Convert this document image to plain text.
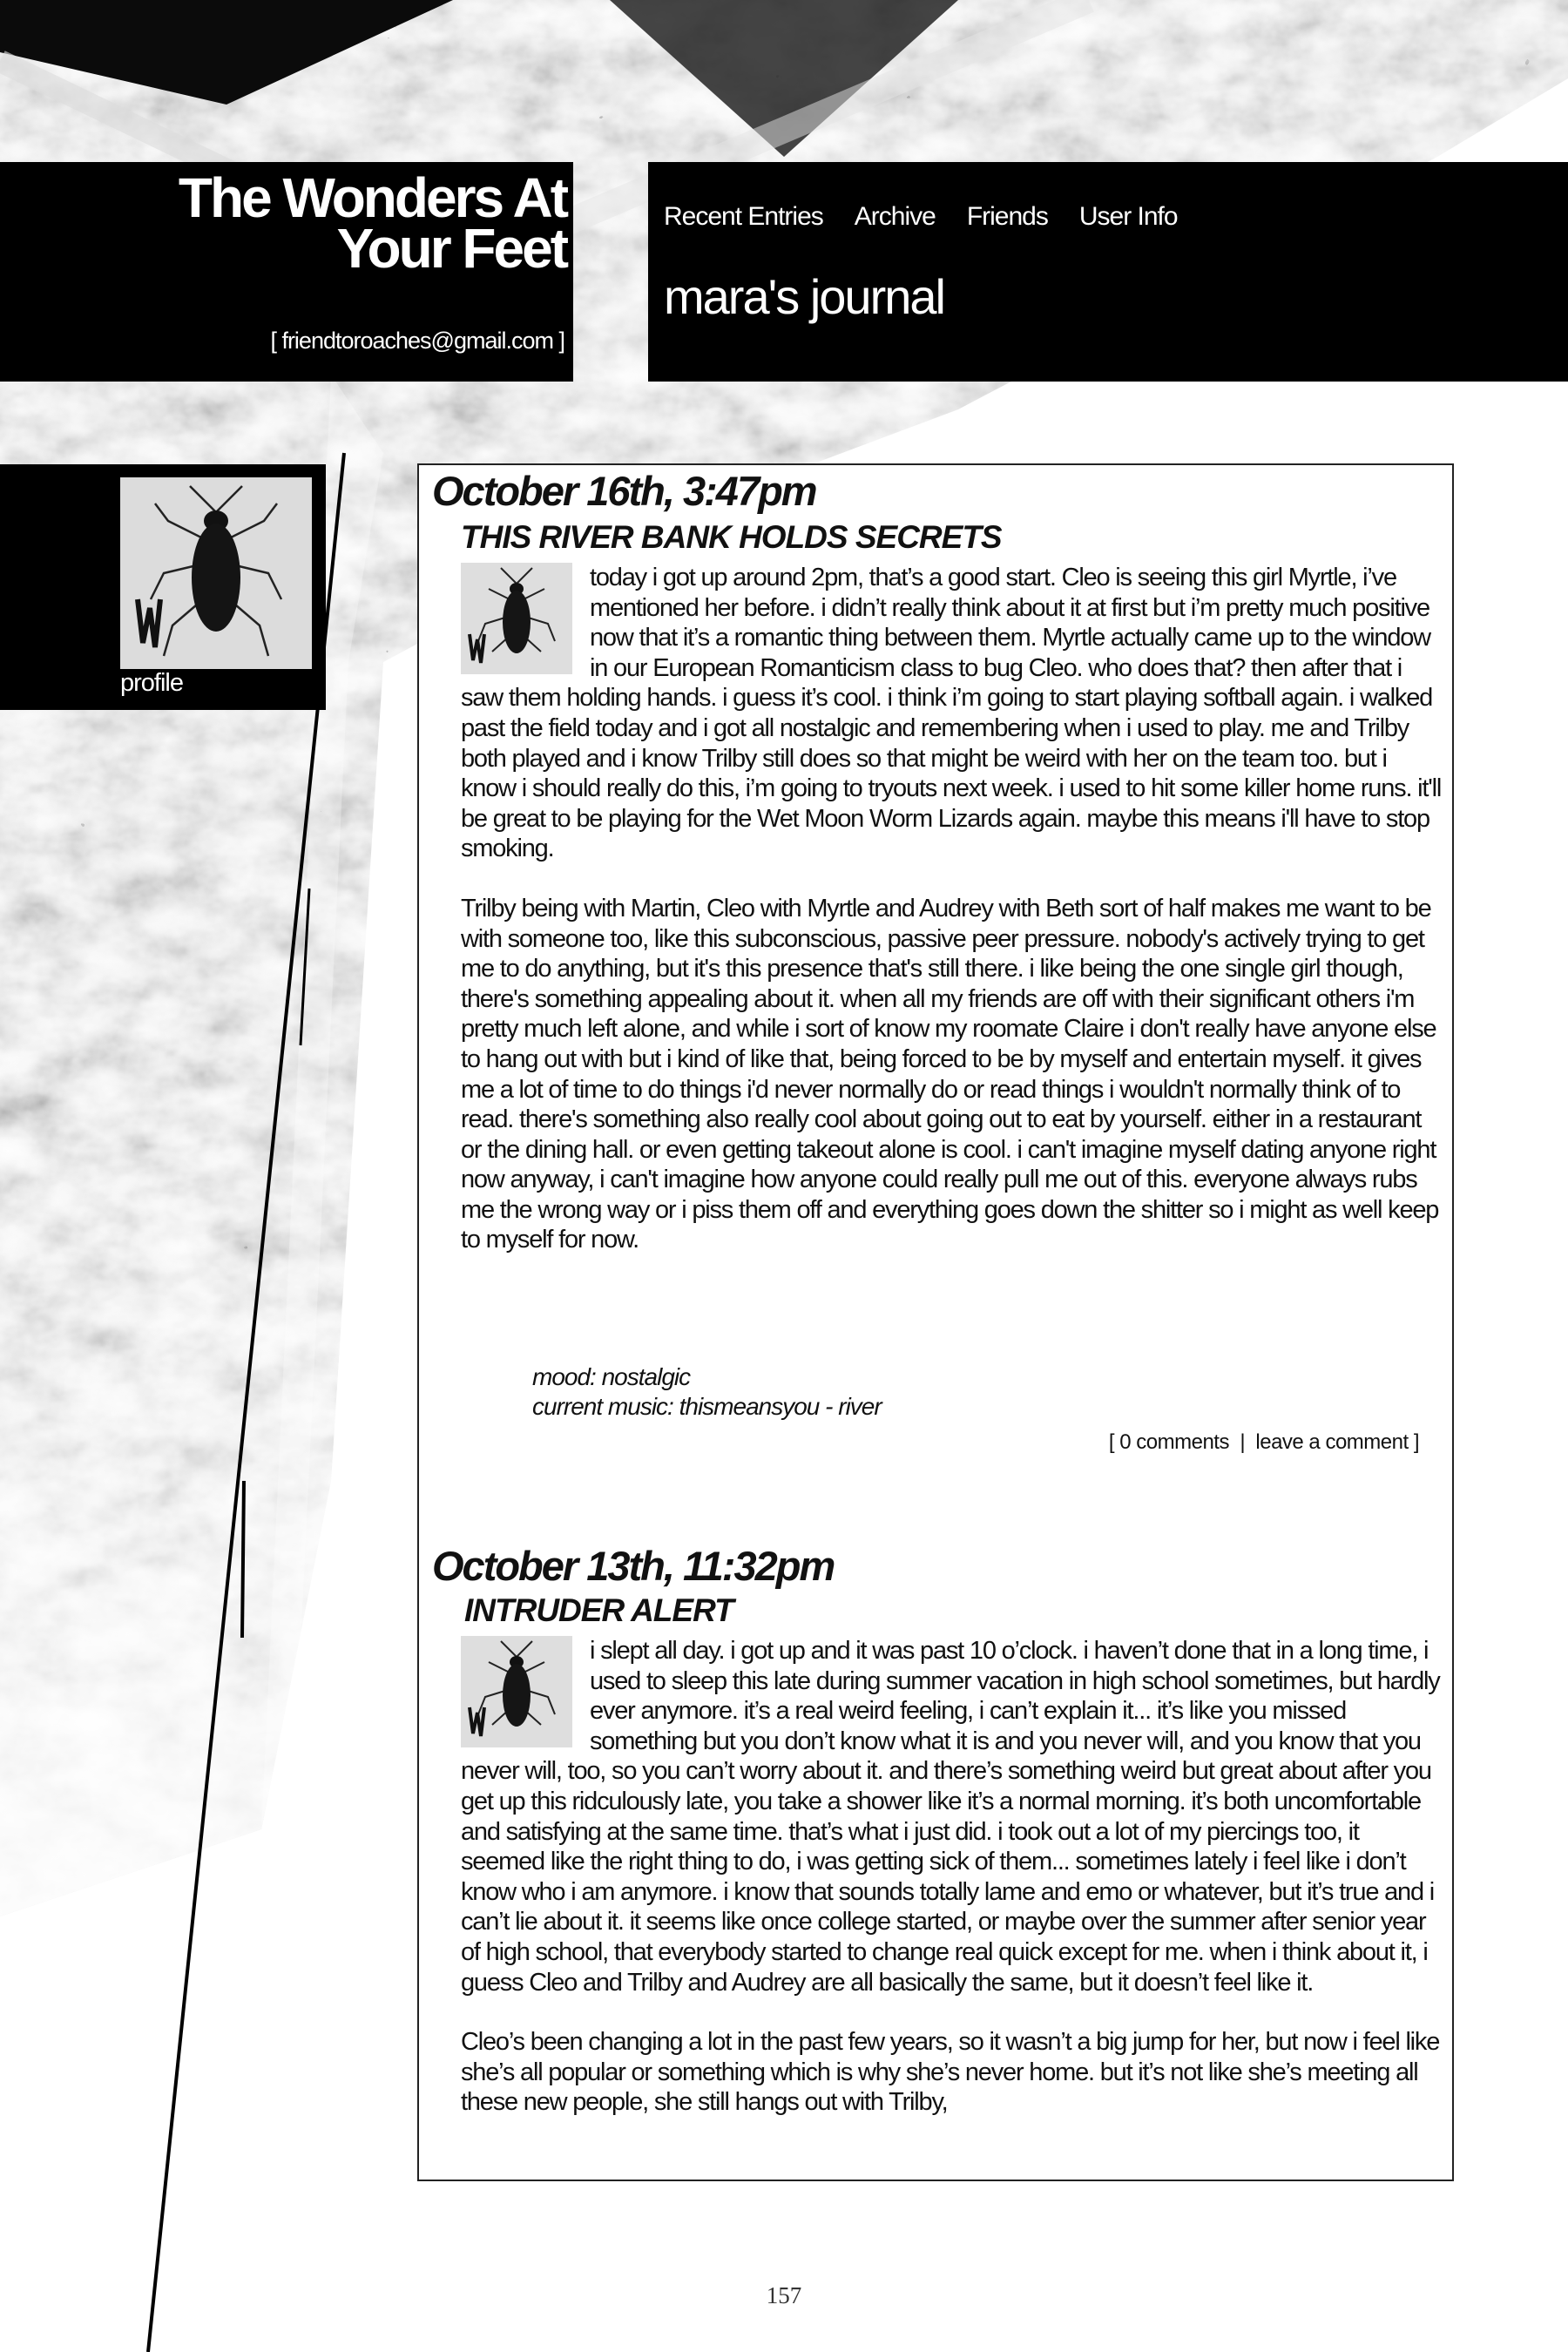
The Wonders At
Your Feet
[ friendtoroaches@gmail.com ]
Recent Entries Archive Friends User Info
mara's journal
profile
October 16th, 3:47pm
THIS RIVER BANK HOLDS SECRETS

today i got up around 2pm, that’s a good start. Cleo is seeing this girl Myrtle, i’ve mentioned her before. i didn’t really think about it at first but i’m pretty much positive now that it’s a romantic thing between them. Myrtle actually came up to the window in our European Romanticism class to bug Cleo. who does that? then after that i saw them holding hands. i guess it’s cool. i think i’m going to start playing softball again. i walked past the field today and i got all nostalgic and remembering when i used to play. me and Trilby both played and i know Trilby still does so that might be weird with her on the team too. but i know i should really do this, i’m going to tryouts next week. i used to hit some killer home runs. it'll be great to be playing for the Wet Moon Worm Lizards again. maybe this means i'll have to stop smoking.

Trilby being with Martin, Cleo with Myrtle and Audrey with Beth sort of half makes me want to be with someone too, like this subconscious, passive peer pressure. nobody's actively trying to get me to do anything, but it's this presence that's still there. i like being the one single girl though, there's something appealing about it. when all my friends are off with their significant others i'm pretty much left alone, and while i sort of know my roomate Claire i don't really have anyone else to hang out with but i kind of like that, being forced to be by myself and entertain myself. it gives me a lot of time to do things i'd never normally do or read things i wouldn't normally think of to read. there's something also really cool about going out to eat by yourself. either in a restaurant or the dining hall. or even getting takeout alone is cool. i can't imagine myself dating anyone right now anyway, i can't imagine how anyone could really pull me out of this. everyone always rubs me the wrong way or i piss them off and everything goes down the shitter so i might as well keep to myself for now.

mood: nostalgic
current music: thismeansyou - river
[ 0 comments  |  leave a comment ]
October 13th, 11:32pm
INTRUDER ALERT

i slept all day. i got up and it was past 10 o’clock. i haven’t done that in a long time, i used to sleep this late during summer vacation in high school sometimes, but hardly ever anymore. it’s a real weird feeling, i can’t explain it... it’s like you missed something but you don’t know what it is and you never will, and you know that you never will, too, so you can’t worry about it. and there’s something weird but great about after you get up this ridculously late, you take a shower like it’s a normal morning. it’s both uncomfortable and satisfying at the same time. that’s what i just did. i took out a lot of my piercings too, it seemed like the right thing to do, i was getting sick of them... sometimes lately i feel like i don’t know who i am anymore. i know that sounds totally lame and emo or whatever, but it’s true and i can’t lie about it. it seems like once college started, or maybe over the summer after senior year of high school, that everybody started to change real quick except for me. when i think about it, i guess Cleo and Trilby and Audrey are all basically the same, but it doesn’t feel like it.

Cleo’s been changing a lot in the past few years, so it wasn’t a big jump for her, but now i feel like she’s all popular or something which is why she’s never home. but it’s not like she’s meeting all these new people, she still hangs out with Trilby,

157
